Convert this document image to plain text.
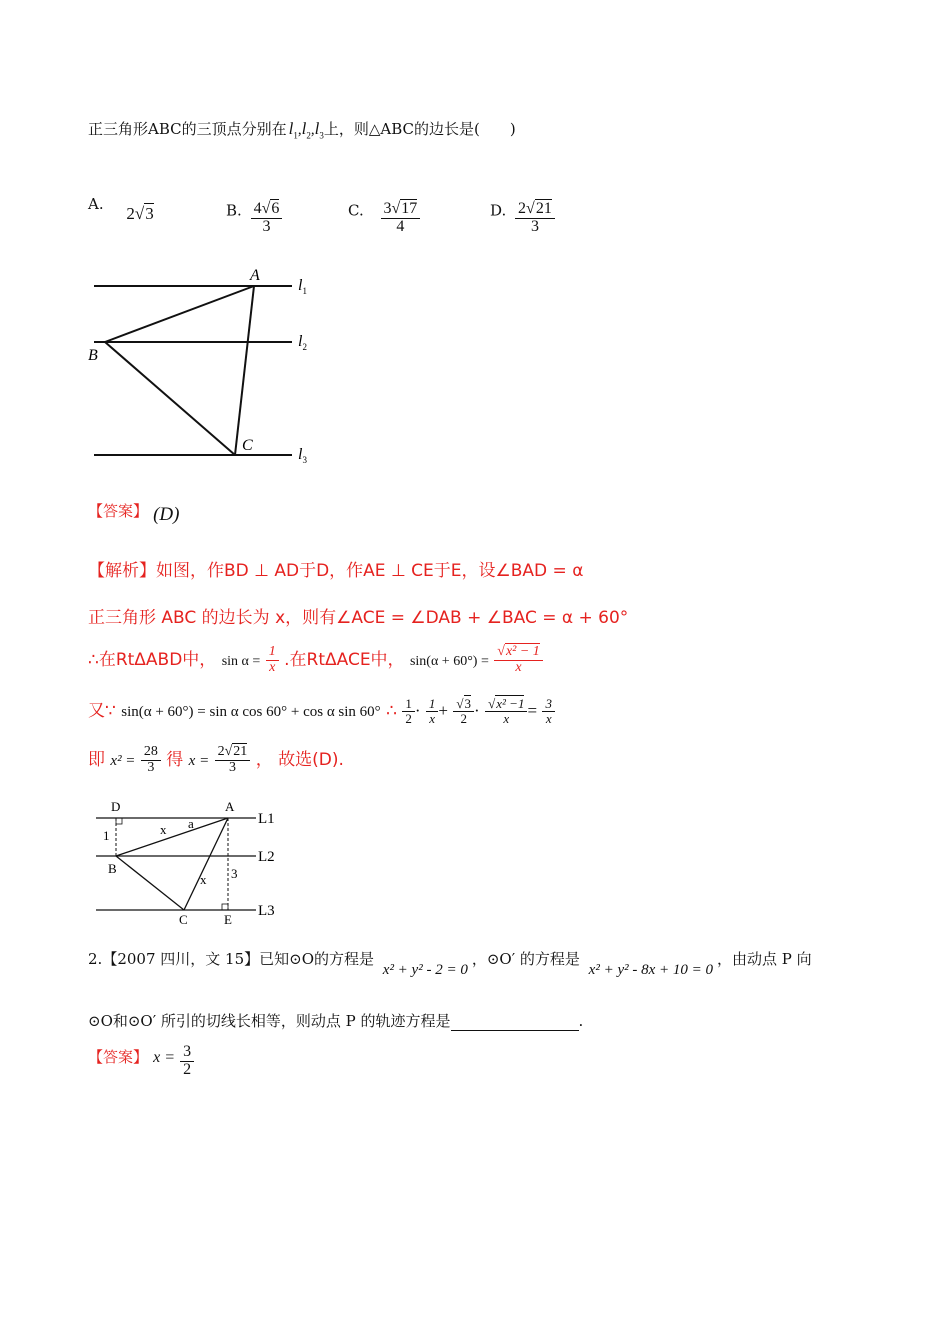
正三角形ABC的三顶点分别在 $l_1,l_2,l_3$上，则△ABC的边长是(　　)
A. 2√3	B. $\frac{4√6}{3}$	C. $\frac{3√17}{4}$	D. $\frac{2√21}{3}$
A
B
C
$l_1$
$l_2$
$l_3$
【答案】 (D)
【解析】如图，作BD ⊥ AD于D，作AE ⊥ CE于E，设∠BAD = α
正三角形 ABC 的边长为 x，则有∠ACE = ∠DAB + ∠BAC = α + 60°
∴在RtΔABD中， $\sin \alpha = \frac{1}{x}$ .在RtΔACE中， $\sin(\alpha + 60^\circ) = \frac{\text{√x² − 1}}{x}$
又∵ sin(α + 60°) = sin α cos 60° + cos α sin 60° ∴ $\frac{1}{2} \cdot \frac{1}{x} + \frac{√3}{2} \cdot \frac{\text{√x² −1}}{x} = \frac{3}{x}$
即 $x^2 = \frac{28}{3}$ 得 $x = \frac{2√21}{3}$ ， 故选(D).
D	A
B
C	E
x
x
a
1
3
L1
L2
L3
2.【2007 四川，文 15】已知⊙O的方程是 x² + y² - 2 = 0，⊙O′ 的方程是 x² + y² - 8x + 10 = 0，由动点 P 向
⊙O和⊙O′ 所引的切线长相等，则动点 P 的轨迹方程是	.
【答案】 $x = \frac{3}{2}$
